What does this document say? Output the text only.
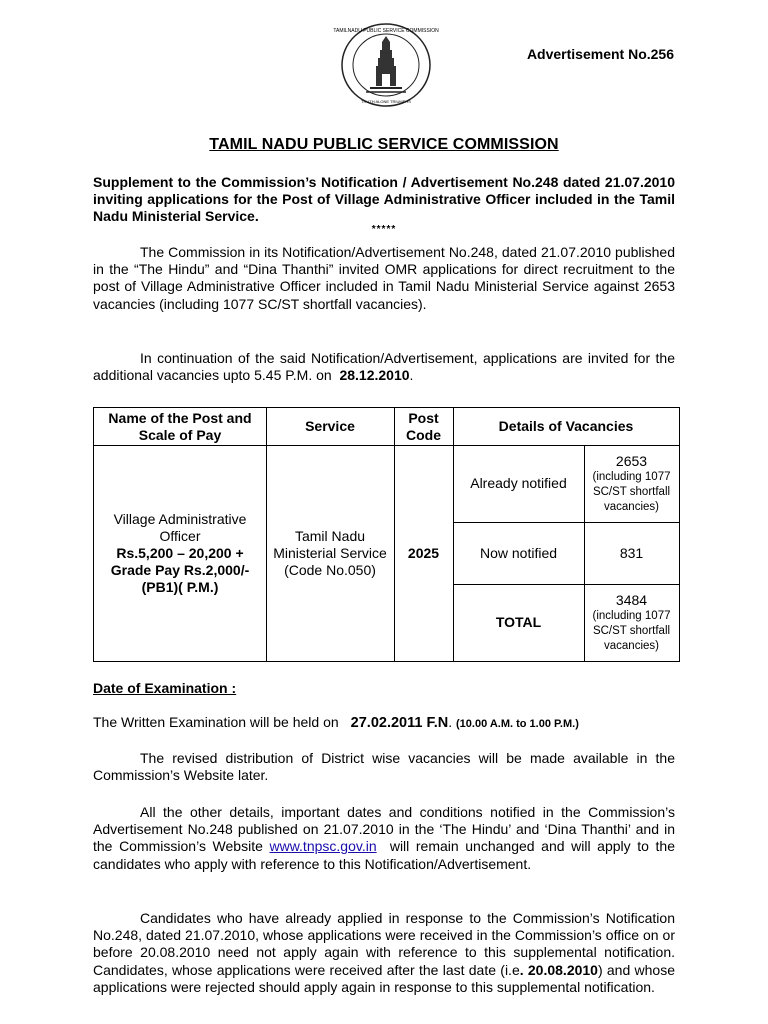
TAMILNADU PUBLIC SERVICE COMMISSION
TRUTH ALONE TRIUMPHS
Advertisement No.256
TAMIL NADU PUBLIC SERVICE COMMISSION
Supplement to the Commission’s Notification / Advertisement No.248 dated 21.07.2010 inviting applications for the Post of Village Administrative Officer included in the Tamil Nadu Ministerial Service.
*****
The Commission in its Notification/Advertisement No.248, dated 21.07.2010 published in the “The Hindu” and “Dina Thanthi” invited OMR applications for direct recruitment to the post of Village Administrative Officer included in Tamil Nadu Ministerial Service against 2653 vacancies (including 1077 SC/ST shortfall vacancies).
In continuation of the said Notification/Advertisement, applications are invited for the additional vacancies upto 5.45 P.M. on 28.12.2010.
Name of the Post and Scale of Pay
Service
Post Code
Details of Vacancies
Village Administrative Officer
Rs.5,200 – 20,200 + Grade Pay Rs.2,000/- (PB1)( P.M.)
Tamil Nadu Ministerial Service (Code No.050)
2025
Already notified
2653
(including 1077 SC/ST shortfall vacancies)
Now notified	831
TOTAL
3484
(including 1077 SC/ST shortfall vacancies)
Date of Examination :
The Written Examination will be held on 27.02.2011 F.N. (10.00 A.M. to 1.00 P.M.)
The revised distribution of District wise vacancies will be made available in the Commission’s Website later.
All the other details, important dates and conditions notified in the Commission’s Advertisement No.248 published on 21.07.2010 in the ‘The Hindu’ and ‘Dina Thanthi’ and in the Commission’s Website www.tnpsc.gov.in will remain unchanged and will apply to the candidates who apply with reference to this Notification/Advertisement.
Candidates who have already applied in response to the Commission’s Notification No.248, dated 21.07.2010, whose applications were received in the Commission’s office on or before 20.08.2010 need not apply again with reference to this supplemental notification. Candidates, whose applications were received after the last date (i.e. 20.08.2010) and whose applications were rejected should apply again in response to this supplemental notification.
